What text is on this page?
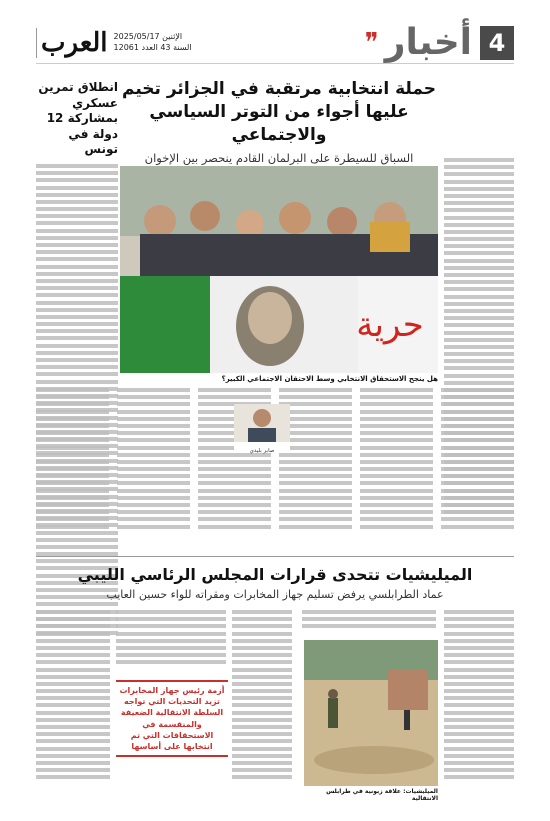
4
أخبار
❞
الإثنين 2025/05/17
السنة 43 العدد 12061
العرب
حملة انتخابية مرتقبة في الجزائر تخيم
عليها أجواء من التوتر السياسي والاجتماعي
السباق للسيطرة على البرلمان القادم ينحصر بين الإخوان
انطلاق تمرين عسكري بمشاركة 12 دولة في تونس
حرية
هل ينجح الاستحقاق الانتخابي وسط الاحتقان الاجتماعي الكبير؟
صابر بليدي
الميليشيات تتحدى قرارات المجلس الرئاسي الليبي
عماد الطرابلسي يرفض تسليم جهاز المخابرات ومقراته للواء حسين العايب
أزمة رئيس جهاز المخابرات تزيد التحديات التي تواجه السلطة الانتقالية الضعيفة والمنقسمة في الاستحقاقات التي تم انتخابها على أساسها
الميليشيات: علاقة زبونية في طرابلس الانتقالية
